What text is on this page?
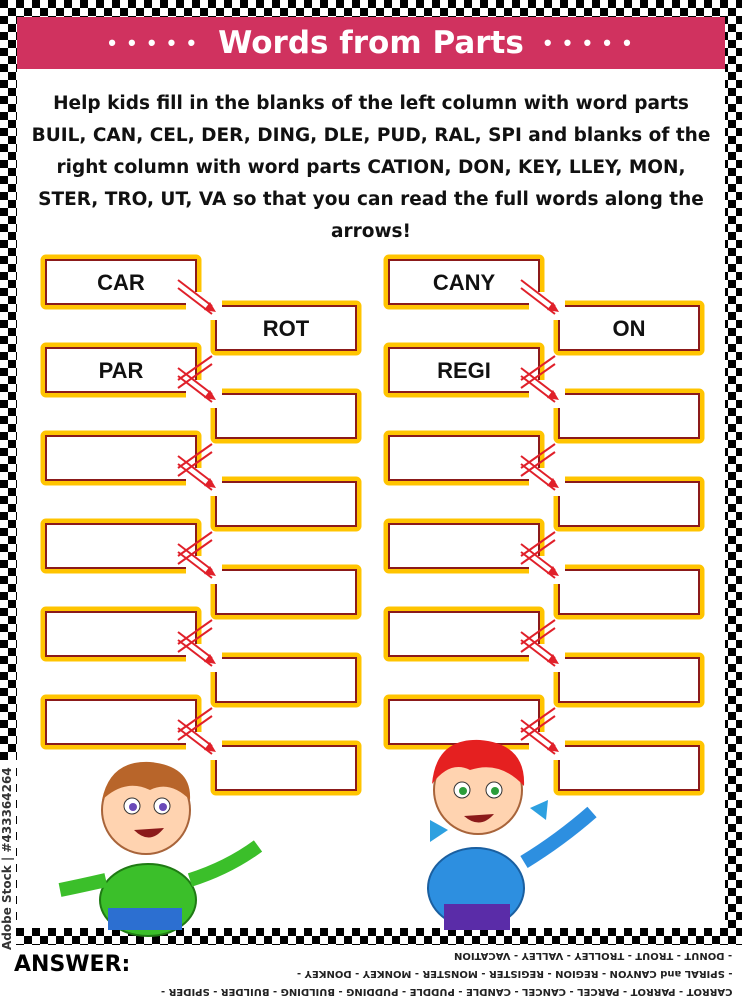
• • • • • Words from Parts • • • • •
Help kids fill in the blanks of the left column with word parts BUIL, CAN, CEL, DER, DING, DLE, PUD, RAL, SPI and blanks of the right column with word parts CATION, DON, KEY, LLEY, MON, STER, TRO, UT, VA so that you can read the full words along the arrows!
CAR
PAR
ROT
CANY
REGI
ON
Adobe Stock | #433364264
ANSWER:
CARROT - PARROT - PARCEL - CANCEL - CANDLE - PUDDLE - PUDDING - BUILDING - BUILDER - SPIDER -
- SPIRAL and CANYON - REGION - REGISTER - MONSTER - MONKEY - DONKEY -
- DONUT - TROUT - TROLLEY - VALLEY - VACATION
